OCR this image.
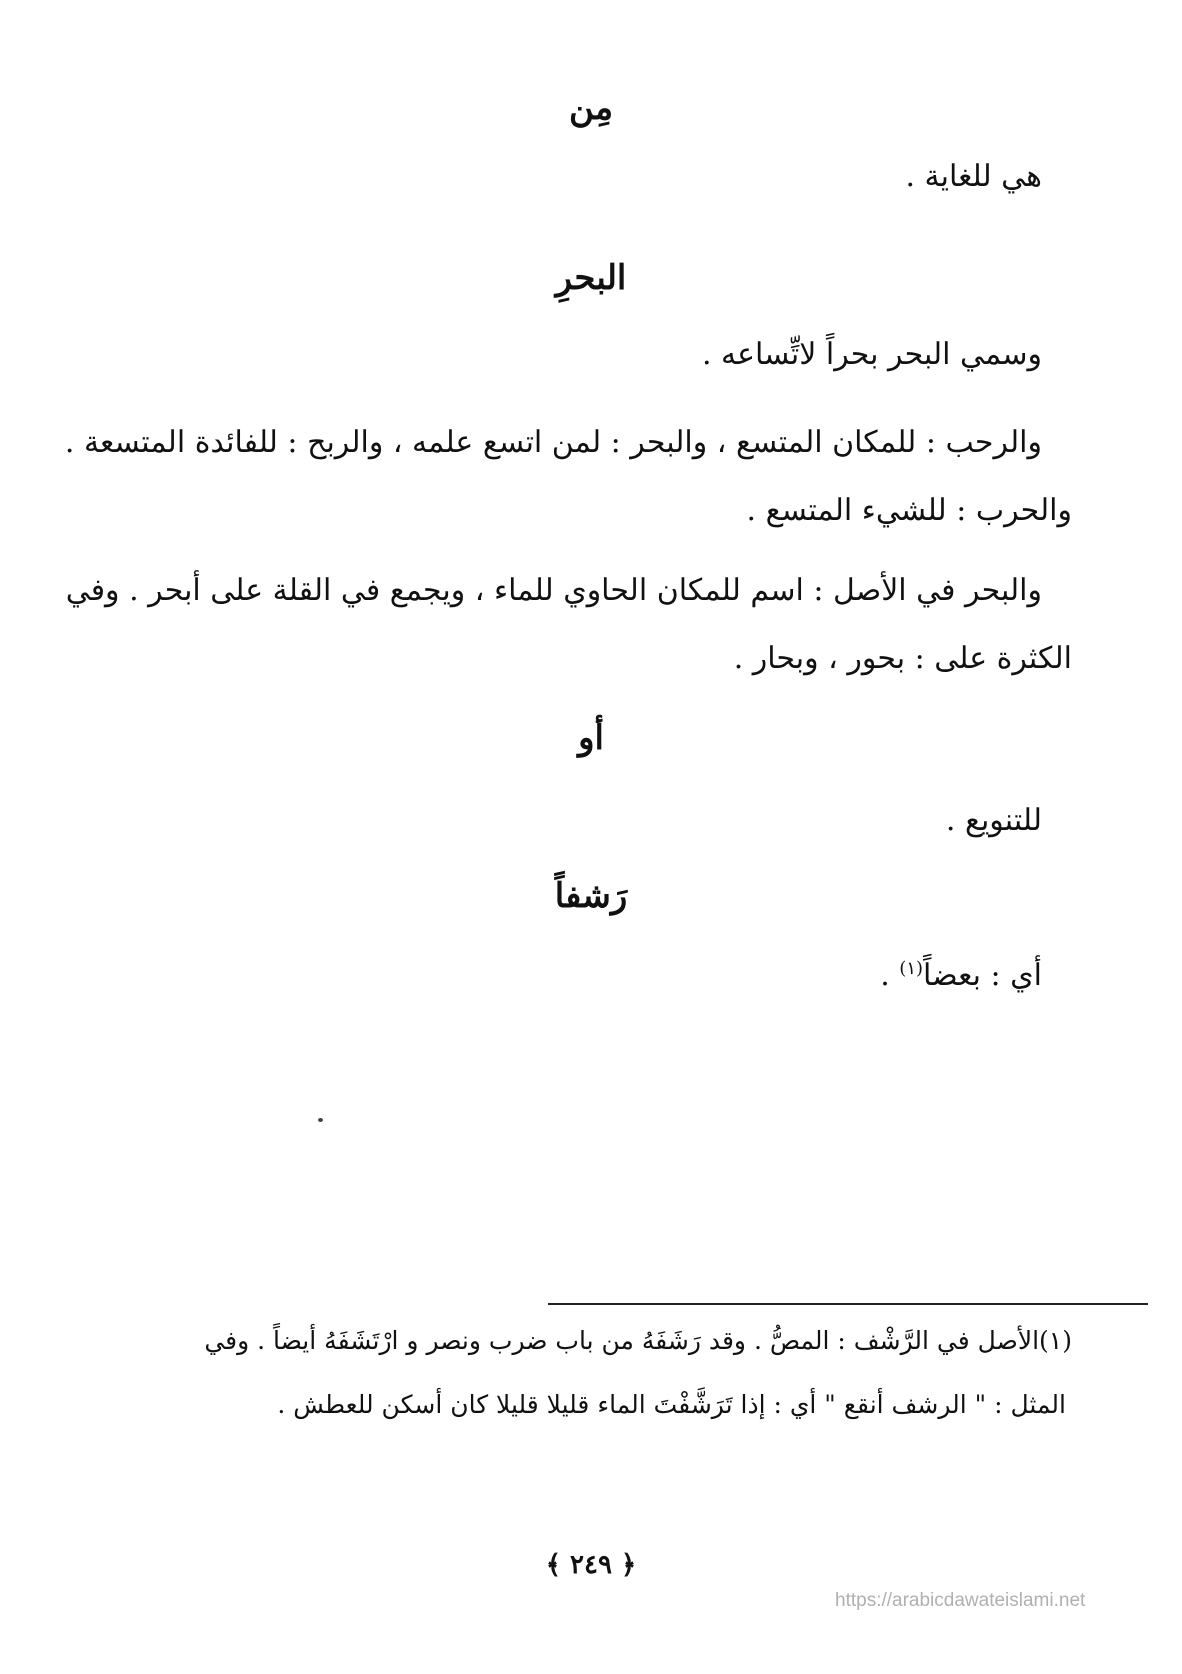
مِن
هي للغاية .
البحرِ
وسمي البحر بحراً لاتِّساعه .
والرحب : للمكان المتسع ، والبحر : لمن اتسع علمه ، والربح : للفائدة المتسعة .
والحرب : للشيء المتسع .
والبحر في الأصل : اسم للمكان الحاوي للماء ، ويجمع في القلة على أبحر . وفي
الكثرة على : بحور ، وبحار .
أو
للتنويع .
رَشفاً
أي : بعضاً$^{(١)}$ .
(١)الأصل في الرَّشْف : المصُّ . وقد رَشَفَهُ من باب ضرب ونصر و ارْتَشَفَهُ أيضاً . وفي
المثل : " الرشف أنقع " أي : إذا تَرَشَّفْتَ الماء قليلا قليلا كان أسكن للعطش .
﴿ ٢٤٩ ﴾
https://arabicdawateislami.net
